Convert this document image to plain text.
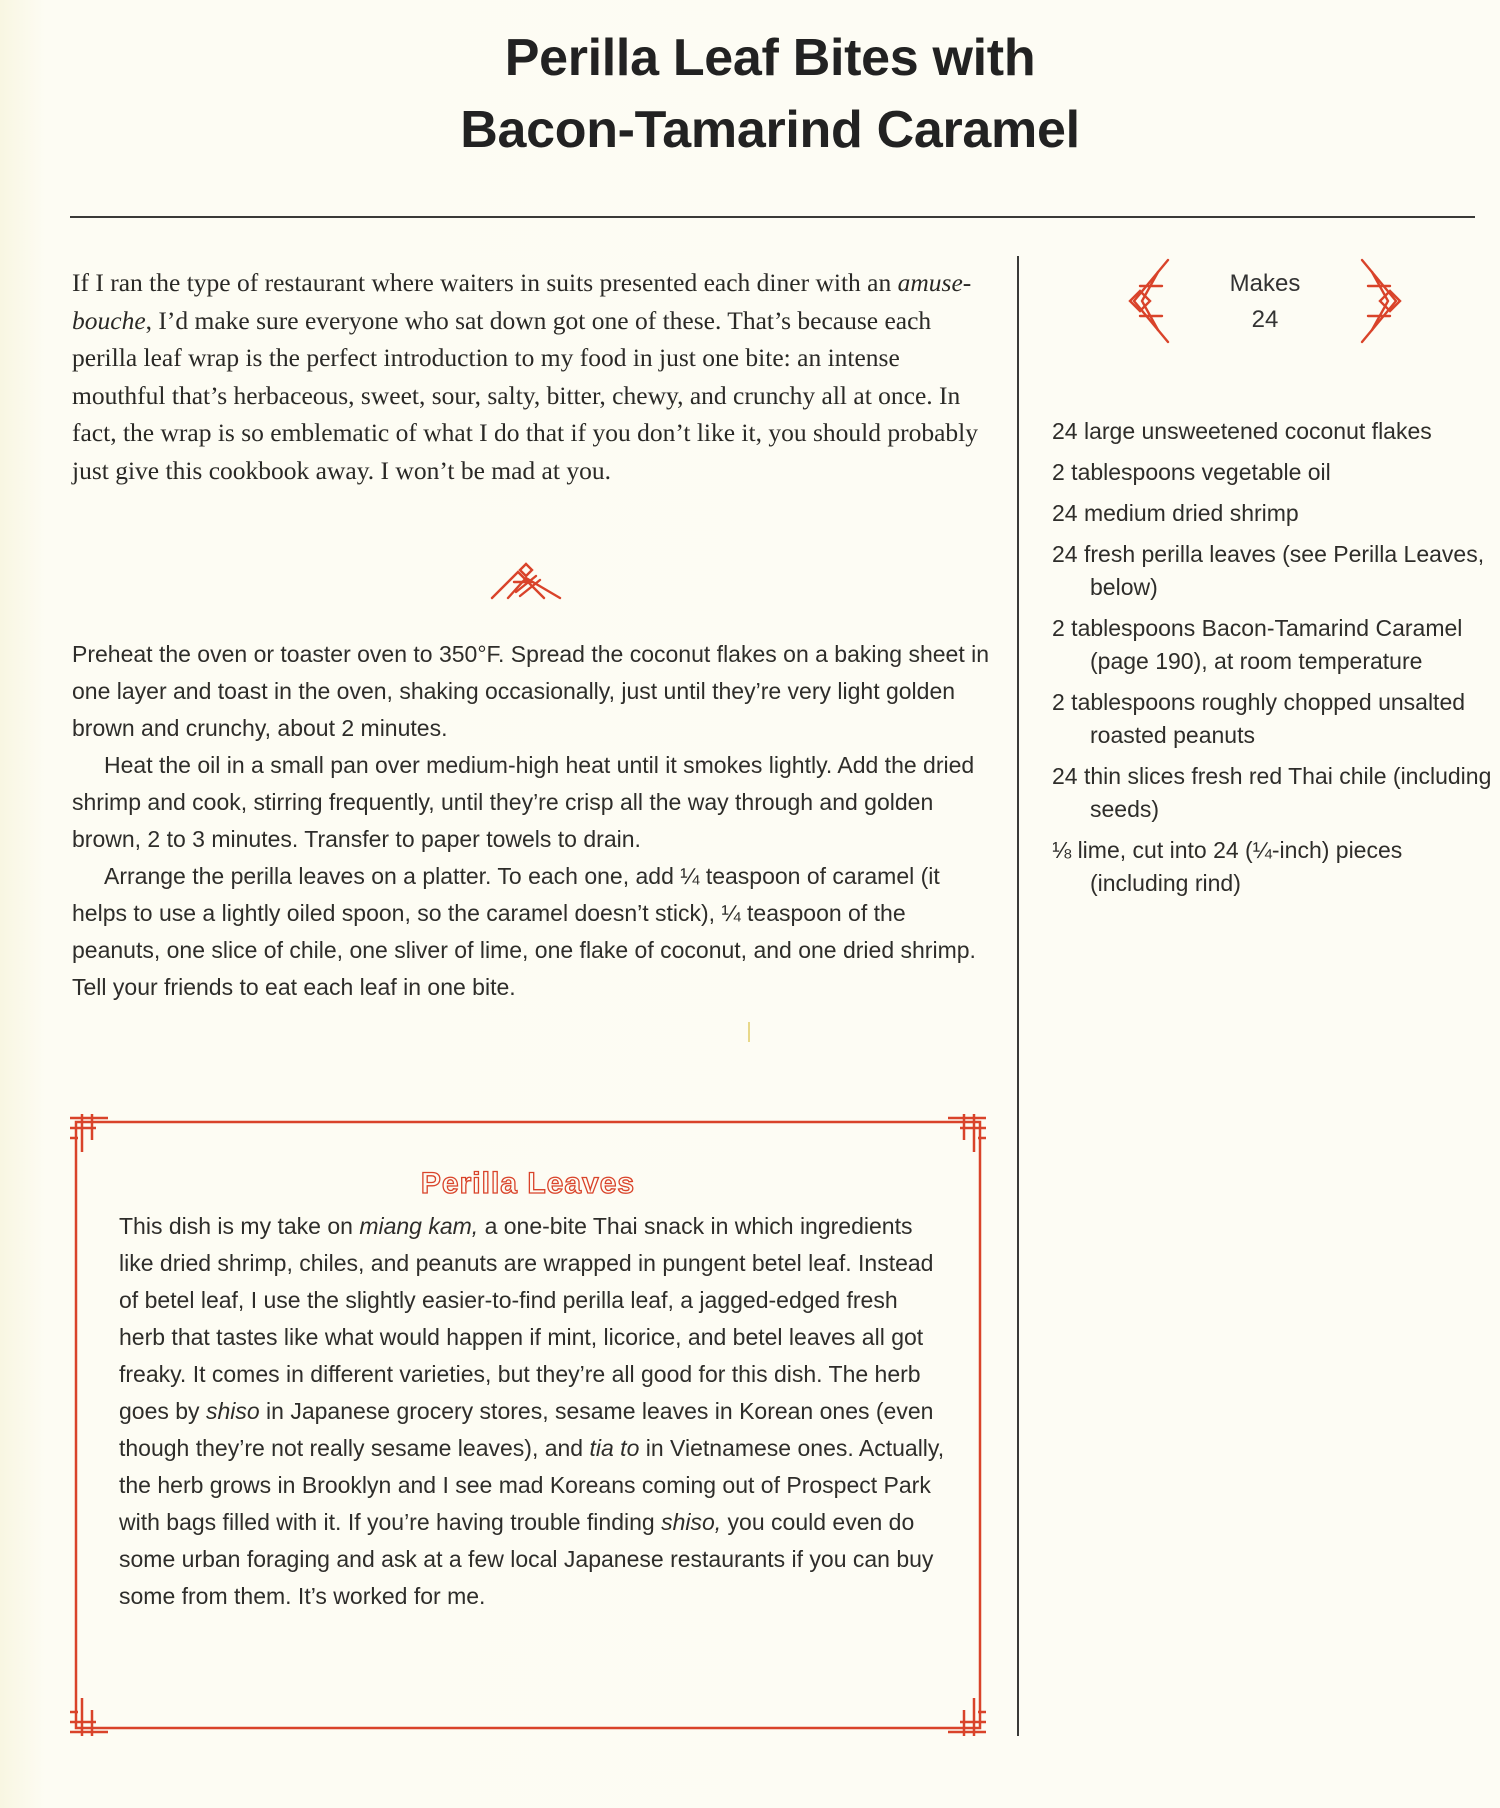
Perilla Leaf Bites with
Bacon-Tamarind Caramel
If I ran the type of restaurant where waiters in suits presented each diner with an amuse-bouche, I’d make sure everyone who sat down got one of these. That’s because each perilla leaf wrap is the perfect introduction to my food in just one bite: an intense mouthful that’s herbaceous, sweet, sour, salty, bitter, chewy, and crunchy all at once. In fact, the wrap is so emblematic of what I do that if you don’t like it, you should probably just give this cookbook away. I won’t be mad at you.

Preheat the oven or toaster oven to 350°F. Spread the coconut flakes on a baking sheet in one layer and toast in the oven, shaking occasionally, just until they’re very light golden brown and crunchy, about 2 minutes.

Heat the oil in a small pan over medium-high heat until it smokes lightly. Add the dried shrimp and cook, stirring frequently, until they’re crisp all the way through and golden brown, 2 to 3 minutes. Transfer to paper towels to drain.

Arrange the perilla leaves on a platter. To each one, add ¼ teaspoon of caramel (it helps to use a lightly oiled spoon, so the caramel doesn’t stick), ¼ teaspoon of the peanuts, one slice of chile, one sliver of lime, one flake of coconut, and one dried shrimp. Tell your friends to eat each leaf in one bite.

Makes
24
24 large unsweetened coconut flakes
2 tablespoons vegetable oil
24 medium dried shrimp
24 fresh perilla leaves (see Perilla Leaves, below)
2 tablespoons Bacon-Tamarind Caramel (page 190), at room temperature
2 tablespoons roughly chopped unsalted roasted peanuts
24 thin slices fresh red Thai chile (including seeds)
⅛ lime, cut into 24 (¼-inch) pieces (including rind)
Perilla Leaves

This dish is my take on miang kam, a one-bite Thai snack in which ingredients like dried shrimp, chiles, and peanuts are wrapped in pungent betel leaf. Instead of betel leaf, I use the slightly easier-to-find perilla leaf, a jagged-edged fresh herb that tastes like what would happen if mint, licorice, and betel leaves all got freaky. It comes in different varieties, but they’re all good for this dish. The herb goes by shiso in Japanese grocery stores, sesame leaves in Korean ones (even though they’re not really sesame leaves), and tia to in Vietnamese ones. Actually, the herb grows in Brooklyn and I see mad Koreans coming out of Prospect Park with bags filled with it. If you’re having trouble finding shiso, you could even do some urban foraging and ask at a few local Japanese restaurants if you can buy some from them. It’s worked for me.
